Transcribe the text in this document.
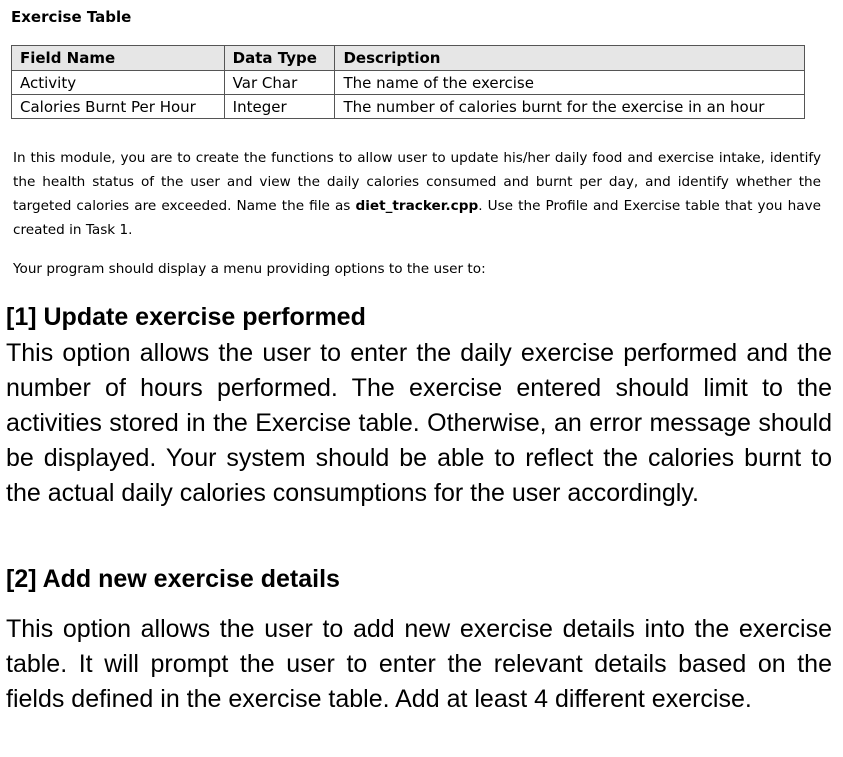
Exercise Table
Field Name	Data Type	Description
Activity	Var Char	The name of the exercise
Calories Burnt Per Hour	Integer	The number of calories burnt for the exercise in an hour
In this module, you are to create the functions to allow user to update his/her daily food and exercise intake, identify the health status of the user and view the daily calories consumed and burnt per day, and identify whether the targeted calories are exceeded. Name the file as diet_tracker.cpp. Use the Profile and Exercise table that you have created in Task 1.
Your program should display a menu providing options to the user to:
[1] Update exercise performed
This option allows the user to enter the daily exercise performed and the number of hours performed. The exercise entered should limit to the activities stored in the Exercise table. Otherwise, an error message should be displayed. Your system should be able to reflect the calories burnt to the actual daily calories consumptions for the user accordingly.
[2] Add new exercise details
This option allows the user to add new exercise details into the exercise table. It will prompt the user to enter the relevant details based on the fields defined in the exercise table. Add at least 4 different exercise.
